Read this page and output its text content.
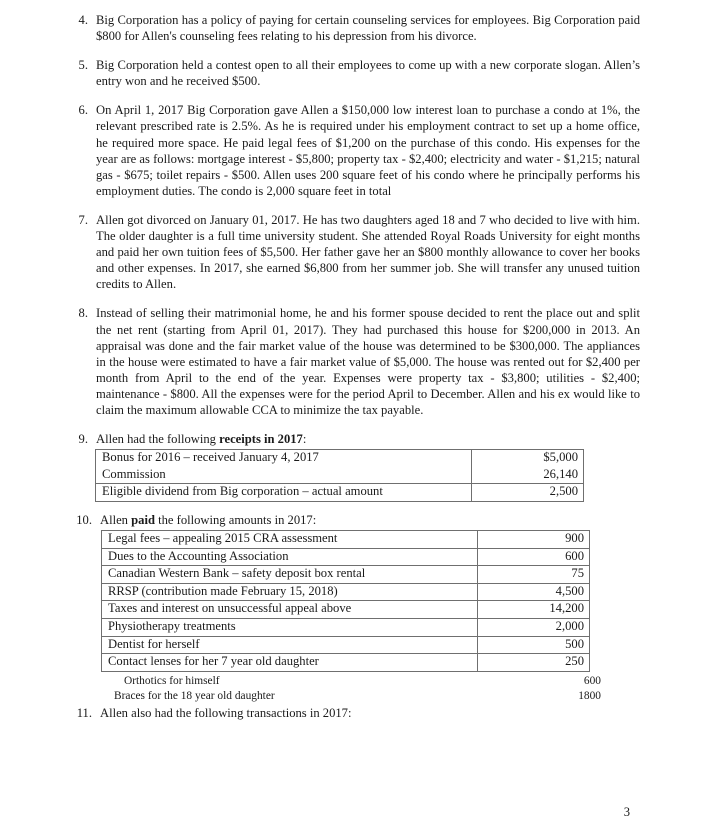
4. Big Corporation has a policy of paying for certain counseling services for employees. Big Corporation paid $800 for Allen's counseling fees relating to his depression from his divorce.
5. Big Corporation held a contest open to all their employees to come up with a new corporate slogan. Allen’s entry won and he received $500.
6. On April 1, 2017 Big Corporation gave Allen a $150,000 low interest loan to purchase a condo at 1%, the relevant prescribed rate is 2.5%. As he is required under his employment contract to set up a home office, he required more space. He paid legal fees of $1,200 on the purchase of this condo. His expenses for the year are as follows: mortgage interest - $5,800; property tax - $2,400; electricity and water - $1,215; natural gas - $675; toilet repairs - $500. Allen uses 200 square feet of his condo where he principally performs his employment duties. The condo is 2,000 square feet in total
7. Allen got divorced on January 01, 2017. He has two daughters aged 18 and 7 who decided to live with him. The older daughter is a full time university student. She attended Royal Roads University for eight months and paid her own tuition fees of $5,500. Her father gave her an $800 monthly allowance to cover her books and other expenses. In 2017, she earned $6,800 from her summer job. She will transfer any unused tuition credits to Allen.
8. Instead of selling their matrimonial home, he and his former spouse decided to rent the place out and split the net rent (starting from April 01, 2017). They had purchased this house for $200,000 in 2013. An appraisal was done and the fair market value of the house was determined to be $300,000. The appliances in the house were estimated to have a fair market value of $5,000. The house was rented out for $2,400 per month from April to the end of the year. Expenses were property tax - $3,800; utilities - $2,400; maintenance - $800. All the expenses were for the period April to December. Allen and his ex would like to claim the maximum allowable CCA to minimize the tax payable.
9. Allen had the following receipts in 2017:
Bonus for 2016 – received January 4, 2017	$5,000
Commission	26,140
Eligible dividend from Big corporation – actual amount	2,500
10. Allen paid the following amounts in 2017:
Legal fees – appealing 2015 CRA assessment	900
Dues to the Accounting Association	600
Canadian Western Bank – safety deposit box rental	75
RRSP (contribution made February 15, 2018)	4,500
Taxes and interest on unsuccessful appeal above	14,200
Physiotherapy treatments	2,000
Dentist for herself	500
Contact lenses for her 7 year old daughter	250
Orthotics for himself	600
Braces for the 18 year old daughter	1800
11. Allen also had the following transactions in 2017:
3
